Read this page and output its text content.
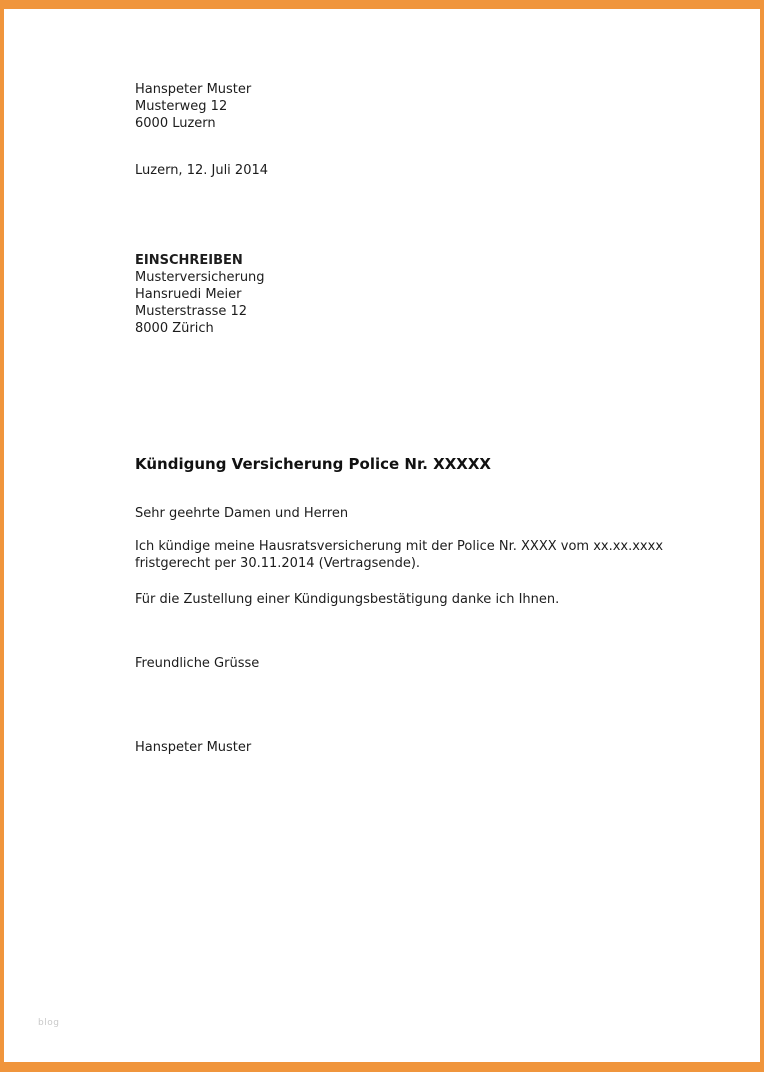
Hanspeter Muster
Musterweg 12
6000 Luzern
Luzern, 12. Juli 2014
EINSCHREIBEN
Musterversicherung
Hansruedi Meier
Musterstrasse 12
8000 Zürich
Kündigung Versicherung Police Nr. XXXXX
Sehr geehrte Damen und Herren
Ich kündige meine Hausratsversicherung mit der Police Nr. XXXX vom xx.xx.xxxx fristgerecht per 30.11.2014 (Vertragsende).
Für die Zustellung einer Kündigungsbestätigung danke ich Ihnen.
Freundliche Grüsse
Hanspeter Muster
blog
